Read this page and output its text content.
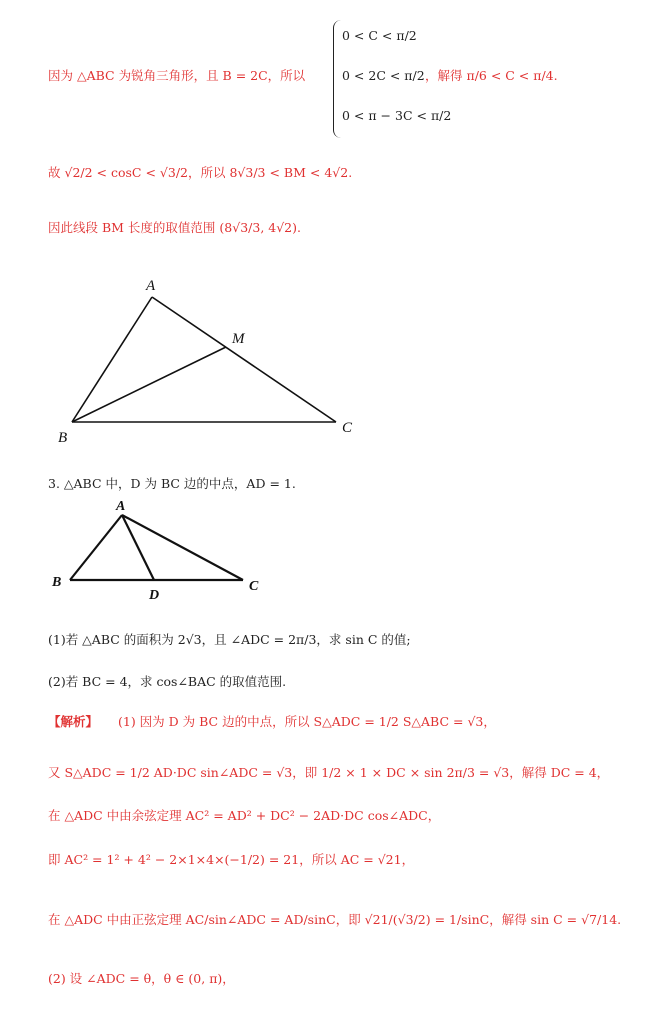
0 < C < π/2
0 < 2C < π/2
0 < π − 3C < π/2
因为 △ABC 为锐角三角形，且 B = 2C，所以	，解得 π/6 < C < π/4.
故 √2/2 < cosC < √3/2，所以 8√3/3 < BM < 4√2.
因此线段 BM 长度的取值范围 (8√3/3, 4√2).
A
M
B
C
A
B	C
D
3. △ABC 中，D 为 BC 边的中点，AD = 1.
(1)若 △ABC 的面积为 2√3，且 ∠ADC = 2π/3，求 sin C 的值;
(2)若 BC = 4，求 cos∠BAC 的取值范围.
【解析】 (1) 因为 D 为 BC 边的中点，所以 S△ADC = 1/2 S△ABC = √3，
又 S△ADC = 1/2 AD·DC sin∠ADC = √3，即 1/2 × 1 × DC × sin 2π/3 = √3，解得 DC = 4，
在 △ADC 中由余弦定理 AC² = AD² + DC² − 2AD·DC cos∠ADC，
即 AC² = 1² + 4² − 2×1×4×(−1/2) = 21，所以 AC = √21，
在 △ADC 中由正弦定理 AC/sin∠ADC = AD/sinC，即 √21/(√3/2) = 1/sinC，解得 sin C = √7/14.
(2) 设 ∠ADC = θ，θ ∈ (0, π)，
